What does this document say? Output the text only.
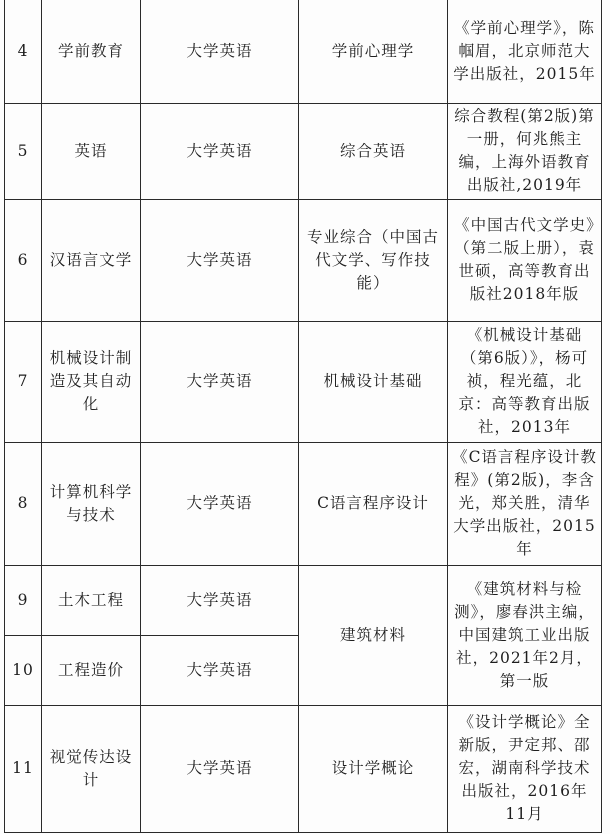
4	学前教育	大学英语	学前心理学	《学前心理学》，陈帼眉，北京师范大学出版社，2015年
5	英语	大学英语	综合英语	综合教程(第2版)第一册，何兆熊主编，上海外语教育出版社,2019年
6	汉语言文学	大学英语	专业综合（中国古代文学、写作技能）	《中国古代文学史》（第二版上册），袁世硕，高等教育出版社2018年版
7	机械设计制造及其自动化	大学英语	机械设计基础	《机械设计基础（第6版）》，杨可祯，程光蕴，北京：高等教育出版社，2013年
8	计算机科学与技术	大学英语	C语言程序设计	《C语言程序设计教程》(第2版)，李含光，郑关胜，清华大学出版社，2015年
9	土木工程	大学英语	建筑材料	《建筑材料与检测》，廖春洪主编，中国建筑工业出版社，2021年2月，第一版
10	工程造价	大学英语		
11	视觉传达设计	大学英语	设计学概论	《设计学概论》全新版，尹定邦、邵宏，湖南科学技术出版社，2016年11月
